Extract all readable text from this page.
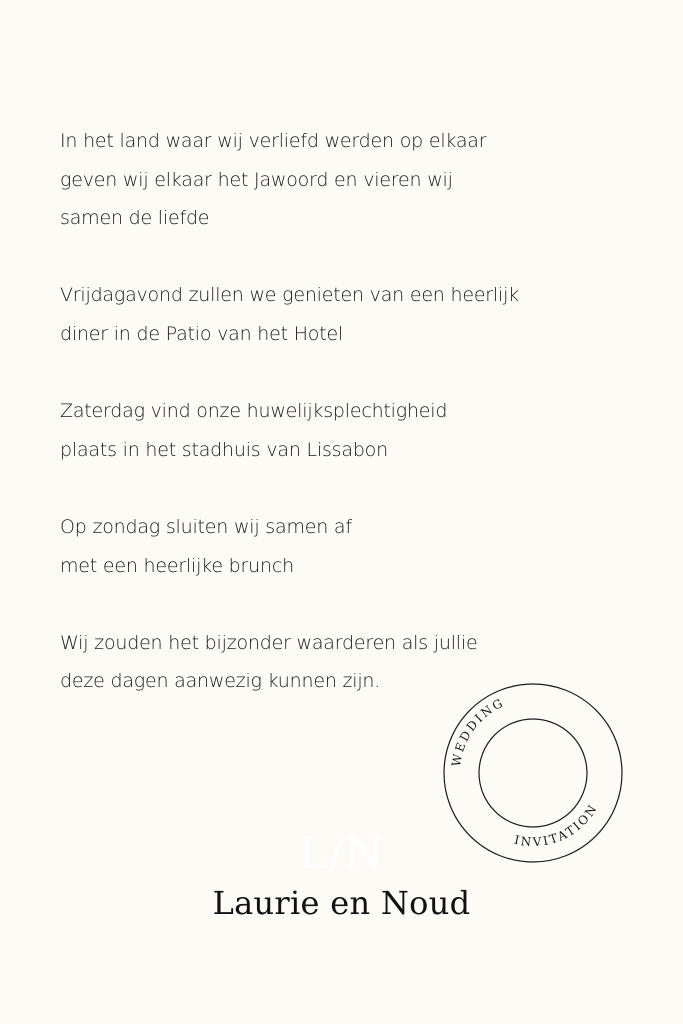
In het land waar wij verliefd werden op elkaar
geven wij elkaar het Jawoord en vieren wij
samen de liefde

Vrijdagavond zullen we genieten van een heerlijk
diner in de Patio van het Hotel

Zaterdag vind onze huwelijksplechtigheid
plaats in het stadhuis van Lissabon

Op zondag sluiten wij samen af
met een heerlijke brunch

Wij zouden het bijzonder waarderen als jullie
deze dagen aanwezig kunnen zijn.

WEDDING
INVITATION
L/N
Laurie en Noud
